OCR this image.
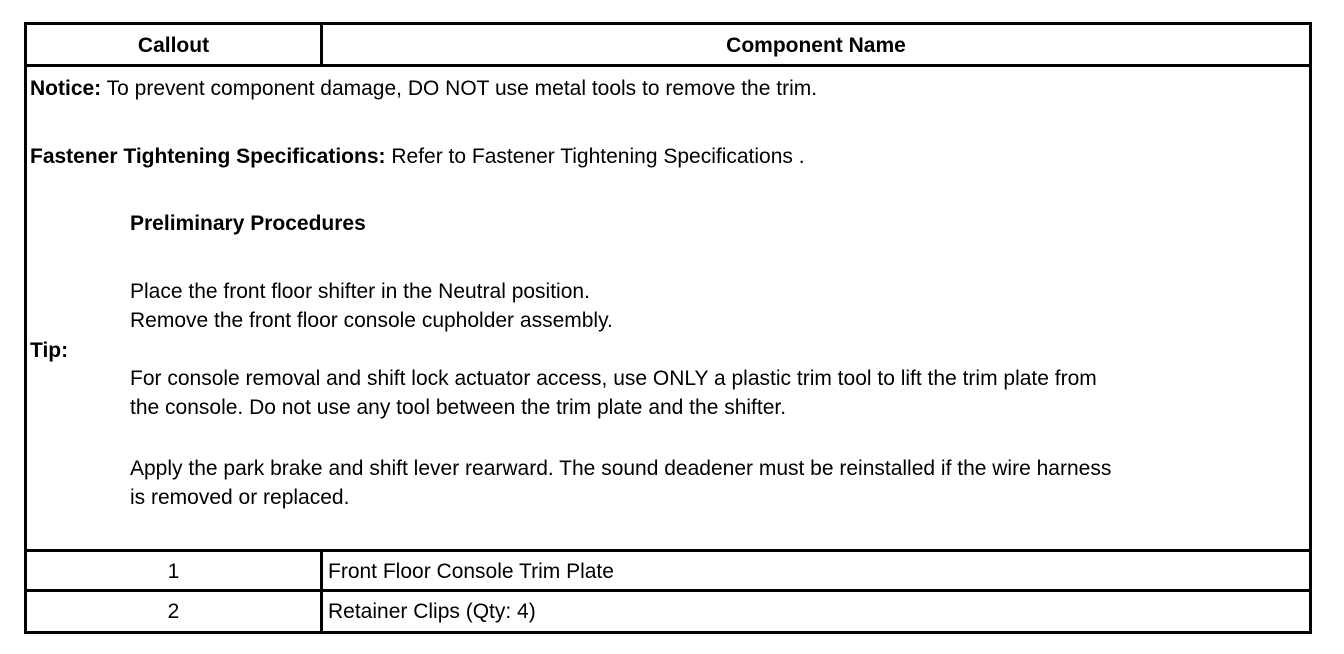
Callout	Component Name
Notice: To prevent component damage, DO NOT use metal tools to remove the trim.
Fastener Tightening Specifications: Refer to Fastener Tightening Specifications .
Preliminary Procedures
Tip:
Place the front floor shifter in the Neutral position.
Remove the front floor console cupholder assembly.
For console removal and shift lock actuator access, use ONLY a plastic trim tool to lift the trim plate from
the console. Do not use any tool between the trim plate and the shifter.
Apply the park brake and shift lever rearward. The sound deadener must be reinstalled if the wire harness
is removed or replaced.
1	Front Floor Console Trim Plate
2	Retainer Clips (Qty: 4)
